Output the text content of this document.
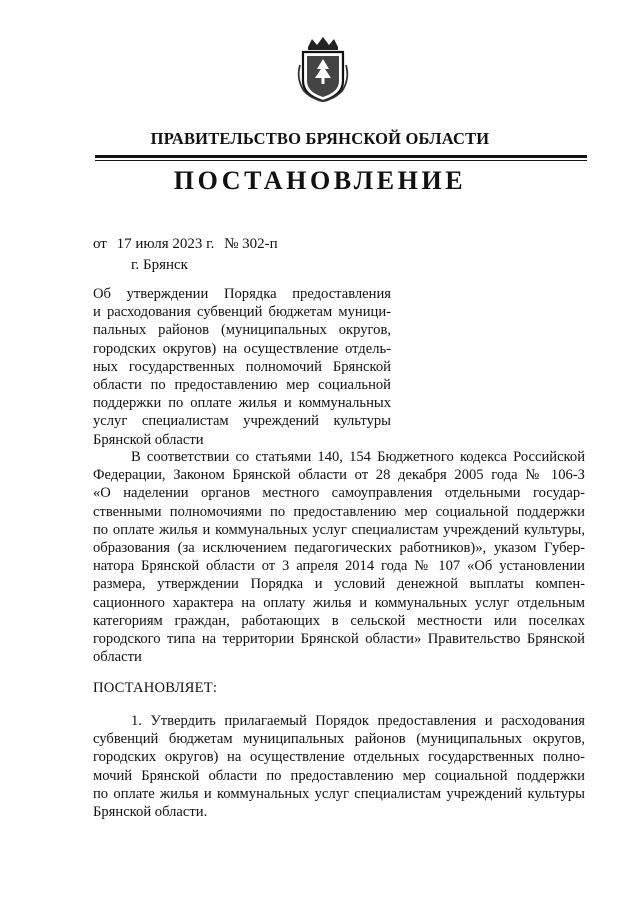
ПРАВИТЕЛЬСТВО БРЯНСКОЙ ОБЛАСТИ
ПОСТАНОВЛЕНИЕ
от 17 июля 2023 г. № 302-п
г. Брянск
Об утверждении Порядка предоставления
и расходования субвенций бюджетам муници-
пальных районов (муниципальных округов,
городских округов) на осуществление отдель-
ных государственных полномочий Брянской
области по предоставлению мер социальной
поддержки по оплате жилья и коммунальных
услуг специалистам учреждений культуры
Брянской области
В соответствии со статьями 140, 154 Бюджетного кодекса Российской
Федерации, Законом Брянской области от 28 декабря 2005 года № 106-З
«О наделении органов местного самоуправления отдельными государ-
ственными полномочиями по предоставлению мер социальной поддержки
по оплате жилья и коммунальных услуг специалистам учреждений культуры,
образования (за исключением педагогических работников)», указом Губер-
натора Брянской области от 3 апреля 2014 года № 107 «Об установлении
размера, утверждении Порядка и условий денежной выплаты компен-
сационного характера на оплату жилья и коммунальных услуг отдельным
категориям граждан, работающих в сельской местности или поселках
городского типа на территории Брянской области» Правительство Брянской
области
ПОСТАНОВЛЯЕТ:
1. Утвердить прилагаемый Порядок предоставления и расходования
субвенций бюджетам муниципальных районов (муниципальных округов,
городских округов) на осуществление отдельных государственных полно-
мочий Брянской области по предоставлению мер социальной поддержки
по оплате жилья и коммунальных услуг специалистам учреждений культуры
Брянской области.
